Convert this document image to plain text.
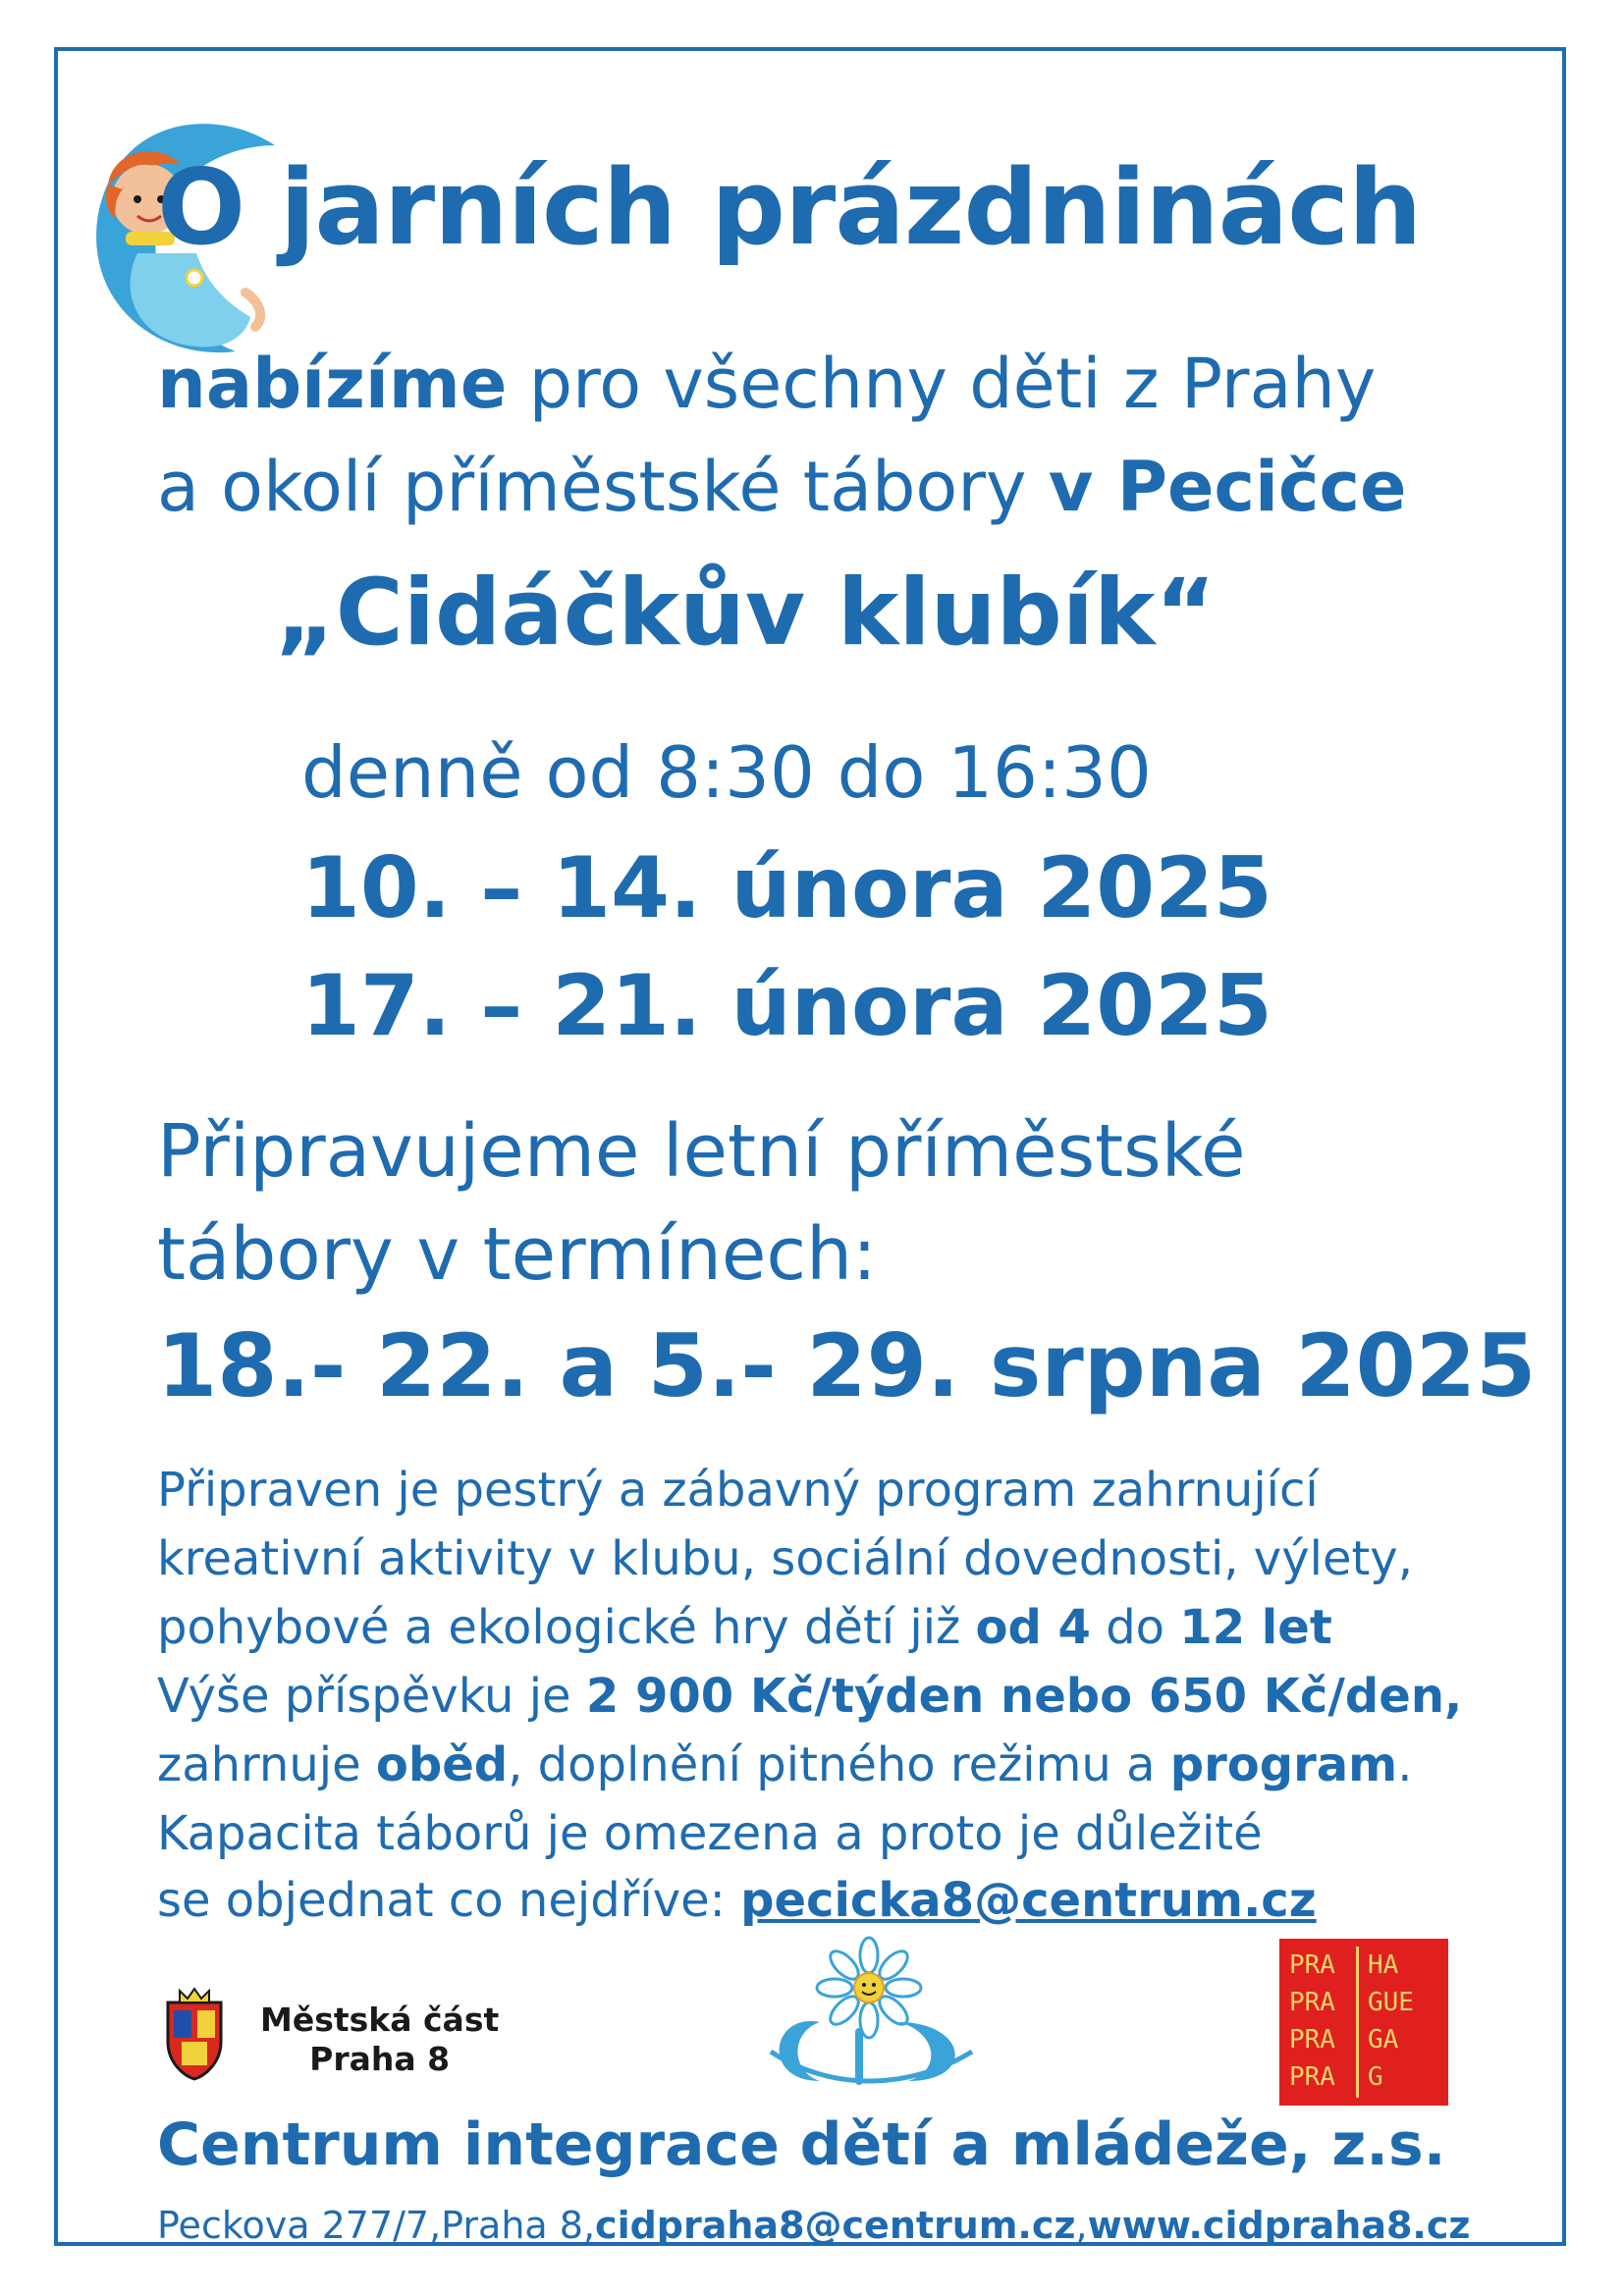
O jarních prázdninách
nabízíme pro všechny děti z Prahy
a okolí příměstské tábory v Pecičce
„Cidáčkův klubík“
denně od 8:30 do 16:30
10. – 14. února 2025
17. – 21. února 2025
Připravujeme letní příměstské
tábory v termínech:
18.- 22. a 5.- 29. srpna 2025
Připraven je pestrý a zábavný program zahrnující
kreativní aktivity v klubu, sociální dovednosti, výlety,
pohybové a ekologické hry dětí již od 4 do 12 let
Výše příspěvku je 2 900 Kč/týden nebo 650 Kč/den,
zahrnuje oběd, doplnění pitného režimu a program.
Kapacita táborů je omezena a proto je důležité
se objednat co nejdříve: pecicka8@centrum.cz
Městská část
Praha 8
PRA HA
PRA GUE
PRA GA
PRA G
Centrum integrace dětí a mládeže, z.s.
Peckova 277/7,Praha 8,cidpraha8@centrum.cz,www.cidpraha8.cz
